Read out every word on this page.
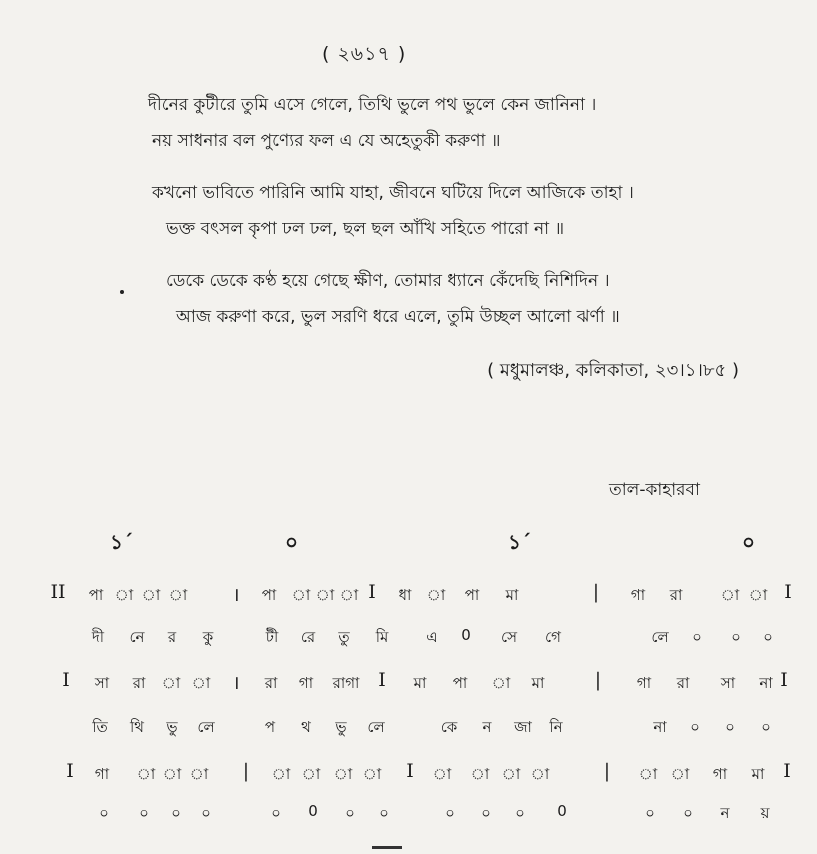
( ২৬১৭ )
দীনের কুটীরে তুমি এসে গেলে, তিথি ভুলে পথ ভুলে কেন জানিনা ।
নয় সাধনার বল পুণ্যের ফল এ যে অহেতুকী করুণা ॥
কখনো ভাবিতে পারিনি আমি যাহা, জীবনে ঘটিয়ে দিলে আজিকে তাহা ।
ভক্ত বৎসল কৃপা ঢল ঢল, ছল ছল আঁখি সহিতে পারো না ॥
ডেকে ডেকে কণ্ঠ হয়ে গেছে ক্ষীণ, তোমার ধ্যানে কেঁদেছি নিশিদিন ।
আজ করুণা করে, ভুল সরণি ধরে এলে, তুমি উচ্ছল আলো ঝর্ণা ॥
( মধুমালঞ্চ, কলিকাতা, ২৩।১।৮৫ )
তাল-কাহারবা
১´	০	১´	০
II পা া া া । পা া া া I ধা া পা মা	| গা রা	া া I
দী নে র কু	টী রে তু মি	এ 0 সে গে	লে ০ ০ ০
I সা রা া া । রা গা রাগা I মা পা া মা	| গা রা সা না I
তি থি ভু লে	প থ ভু লে	কে ন জা নি	না ০ ০ ০
I গা া া া | া া া া I া া া া	| া া গা মা I
০ ০ ০ ০	০ 0 ০ ০	০ ০ ০ 0	০ ০ ন য়
